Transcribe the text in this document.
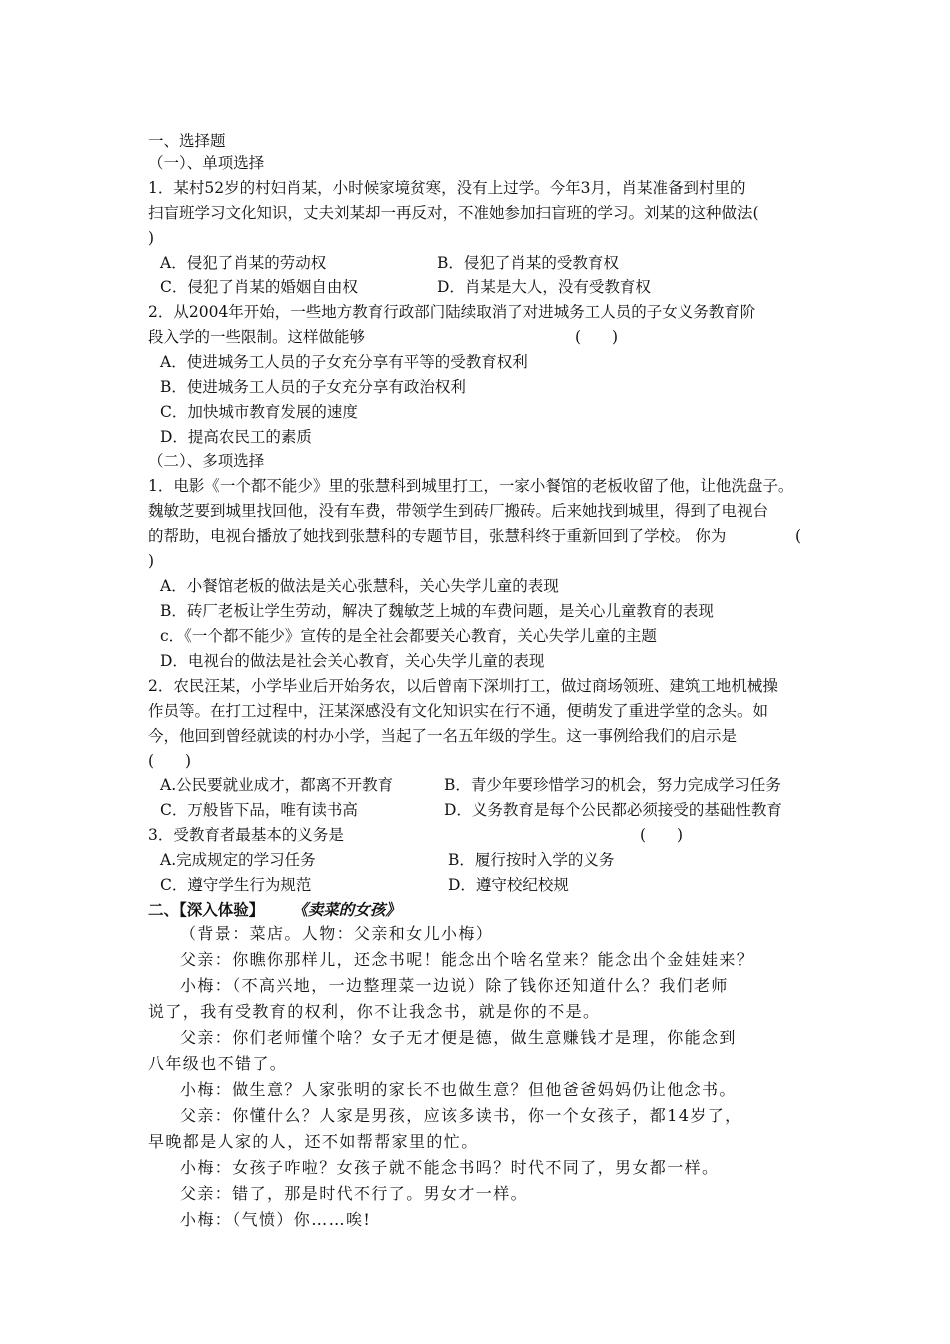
一、选择题
（一）、单项选择
1．某村52岁的村妇肖某，小时候家境贫寒，没有上过学。今年3月，肖某准备到村里的
扫盲班学习文化知识，丈夫刘某却一再反对，不准她参加扫盲班的学习。刘某的这种做法(
)
A．侵犯了肖某的劳动权	B．侵犯了肖某的受教育权
C．侵犯了肖某的婚姻自由权	D．肖某是大人，没有受教育权
2．从2004年开始，一些地方教育行政部门陆续取消了对进城务工人员的子女义务教育阶
段入学的一些限制。这样做能够	(　　)
A．使进城务工人员的子女充分享有平等的受教育权利
B．使进城务工人员的子女充分享有政治权利
C．加快城市教育发展的速度
D．提高农民工的素质
（二）、多项选择
1．电影《一个都不能少》里的张慧科到城里打工，一家小餐馆的老板收留了他，让他洗盘子。
魏敏芝要到城里找回他，没有车费，带领学生到砖厂搬砖。后来她找到城里，得到了电视台
的帮助，电视台播放了她找到张慧科的专题节目，张慧科终于重新回到了学校。 你为	(
)
A．小餐馆老板的做法是关心张慧科，关心失学儿童的表现
B．砖厂老板让学生劳动，解决了魏敏芝上城的车费问题，是关心儿童教育的表现
c．《一个都不能少》宣传的是全社会都要关心教育，关心失学儿童的主题
D．电视台的做法是社会关心教育，关心失学儿童的表现
2．农民汪某，小学毕业后开始务农，以后曾南下深圳打工，做过商场领班、建筑工地机械操
作员等。在打工过程中，汪某深感没有文化知识实在行不通，便萌发了重进学堂的念头。如
今，他回到曾经就读的村办小学，当起了一名五年级的学生。这一事例给我们的启示是
(　　)
A.公民要就业成才，都离不开教育	B．青少年要珍惜学习的机会，努力完成学习任务
C．万般皆下品，唯有读书高	D．义务教育是每个公民都必须接受的基础性教育
3．受教育者最基本的义务是	(　　)
A.完成规定的学习任务	B．履行按时入学的义务
C．遵守学生行为规范	D．遵守校纪校规
二、【深入体验】 《卖菜的女孩》
（背景：菜店。人物：父亲和女儿小梅）
父亲：你瞧你那样儿，还念书呢！能念出个啥名堂来？能念出个金娃娃来？
小梅：（不高兴地，一边整理菜一边说）除了钱你还知道什么？我们老师
说了，我有受教育的权利，你不让我念书，就是你的不是。
父亲：你们老师懂个啥？女子无才便是德，做生意赚钱才是理，你能念到
八年级也不错了。
小梅：做生意？人家张明的家长不也做生意？但他爸爸妈妈仍让他念书。
父亲：你懂什么？人家是男孩，应该多读书，你一个女孩子，都14岁了，
早晚都是人家的人，还不如帮帮家里的忙。
小梅：女孩子咋啦？女孩子就不能念书吗？时代不同了，男女都一样。
父亲：错了，那是时代不行了。男女才一样。
小梅：（气愤）你……唉!
